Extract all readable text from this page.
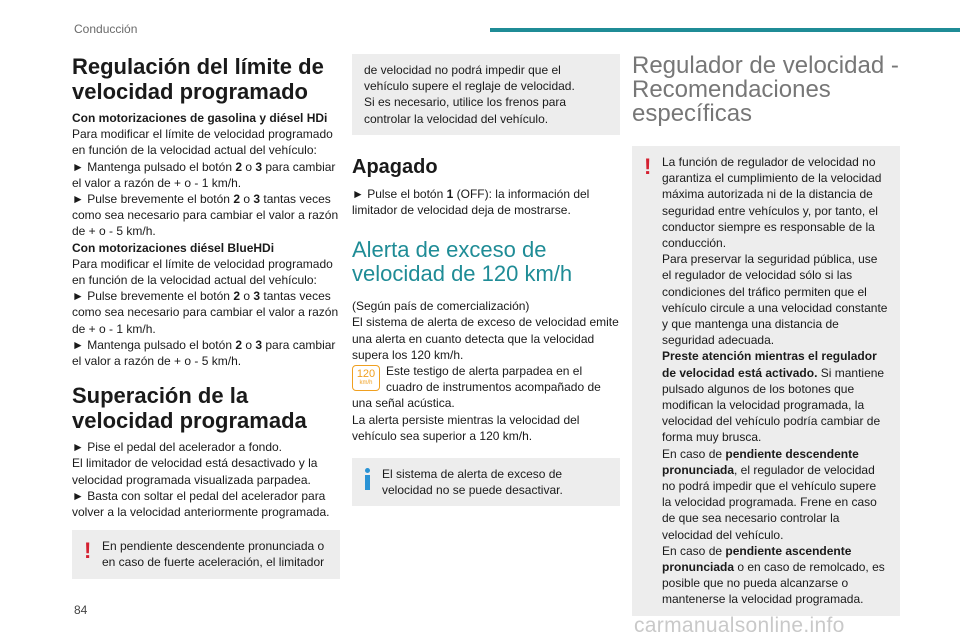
Conducción
Regulación del límite de velocidad programado

Con motorizaciones de gasolina y diésel HDi

Para modificar el límite de velocidad programado en función de la velocidad actual del vehículo:

► Mantenga pulsado el botón 2 o 3 para cambiar el valor a razón de + o - 1 km/h.

► Pulse brevemente el botón 2 o 3 tantas veces como sea necesario para cambiar el valor a razón de + o - 5 km/h.

Con motorizaciones diésel BlueHDi

Para modificar el límite de velocidad programado en función de la velocidad actual del vehículo:

► Pulse brevemente el botón 2 o 3 tantas veces como sea necesario para cambiar el valor a razón de + o - 1 km/h.

► Mantenga pulsado el botón 2 o 3 para cambiar el valor a razón de + o - 5 km/h.

Superación de la velocidad programada

► Pise el pedal del acelerador a fondo.

El limitador de velocidad está desactivado y la velocidad programada visualizada parpadea.

► Basta con soltar el pedal del acelerador para volver a la velocidad anteriormente programada.

! En pendiente descendente pronunciada o en caso de fuerte aceleración, el limitador

de velocidad no podrá impedir que el vehículo supere el reglaje de velocidad.

Si es necesario, utilice los frenos para controlar la velocidad del vehículo.

Apagado

► Pulse el botón 1 (OFF): la información del limitador de velocidad deja de mostrarse.

Alerta de exceso de velocidad de 120 km/h

(Según país de comercialización)

El sistema de alerta de exceso de velocidad emite una alerta en cuanto detecta que la velocidad supera los 120 km/h.

120
km/h

Este testigo de alerta parpadea en el cuadro de instrumentos acompañado de una señal acústica.

La alerta persiste mientras la velocidad del vehículo sea superior a 120 km/h.

El sistema de alerta de exceso de velocidad no se puede desactivar.

Regulador de velocidad - Recomendaciones específicas
! La función de regulador de velocidad no garantiza el cumplimiento de la velocidad máxima autorizada ni de la distancia de seguridad entre vehículos y, por tanto, el conductor siempre es responsable de la conducción.

Para preservar la seguridad pública, use el regulador de velocidad sólo si las condiciones del tráfico permiten que el vehículo circule a una velocidad constante y que mantenga una distancia de seguridad adecuada.

Preste atención mientras el regulador de velocidad está activado. Si mantiene pulsado algunos de los botones que modifican la velocidad programada, la velocidad del vehículo podría cambiar de forma muy brusca.

En caso de pendiente descendente pronunciada, el regulador de velocidad no podrá impedir que el vehículo supere la velocidad programada. Frene en caso de que sea necesario controlar la velocidad del vehículo.

En caso de pendiente ascendente pronunciada o en caso de remolcado, es posible que no pueda alcanzarse o mantenerse la velocidad programada.

84
carmanualsonline.info
